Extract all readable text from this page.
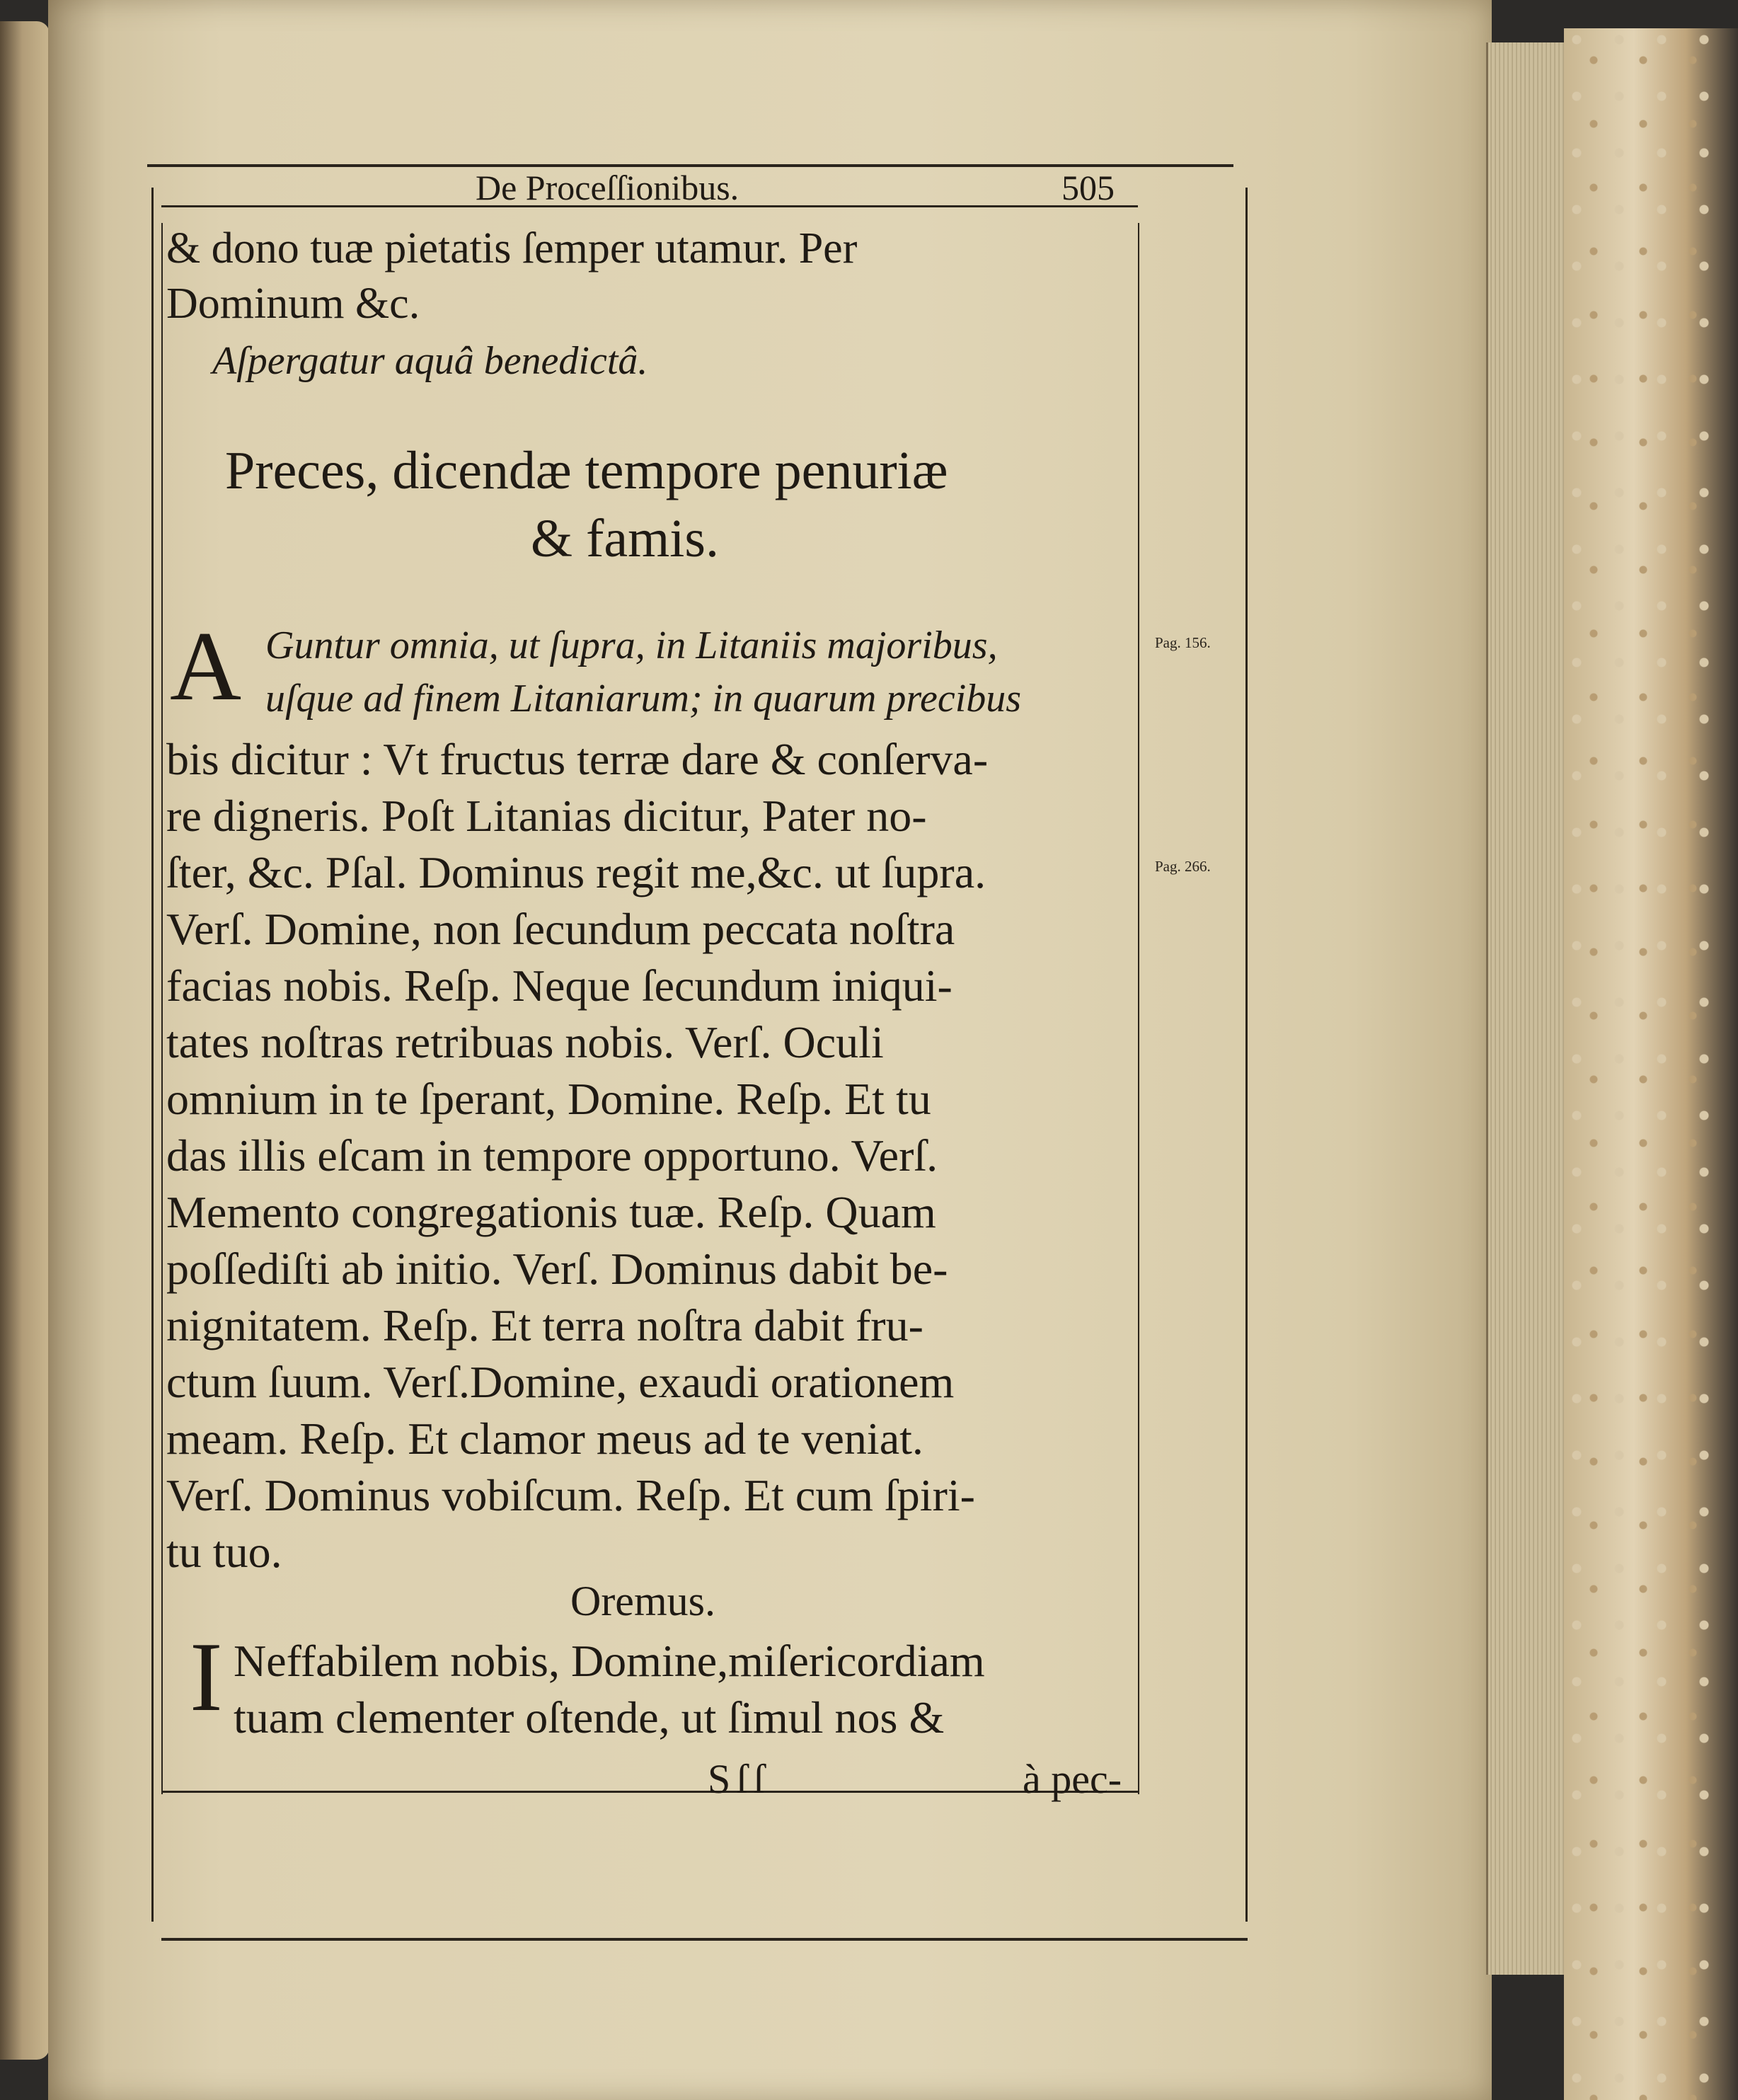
De Proceſſionibus.	505
& dono tuæ pietatis ſemper utamur. Per
Dominum &c.
Aſpergatur aquâ benedictâ.
Preces, dicendæ tempore penuriæ
& famis.
A Guntur omnia, ut ſupra, in Litaniis majoribus,
uſque ad finem Litaniarum; in quarum precibus
bis dicitur : Vt fructus terræ dare & conſerva-
re digneris. Poſt Litanias dicitur, Pater no-
ſter, &c. Pſal. Dominus regit me,&c. ut ſupra.
Verſ. Domine, non ſecundum peccata noſtra
facias nobis. Reſp. Neque ſecundum iniqui-
tates noſtras retribuas nobis. Verſ. Oculi
omnium in te ſperant, Domine. Reſp. Et tu
das illis eſcam in tempore opportuno. Verſ.
Memento congregationis tuæ. Reſp. Quam
poſſediſti ab initio. Verſ. Dominus dabit be-
nignitatem. Reſp. Et terra noſtra dabit fru-
ctum ſuum. Verſ.Domine, exaudi orationem
meam. Reſp. Et clamor meus ad te veniat.
Verſ. Dominus vobiſcum. Reſp. Et cum ſpiri-
tu tuo.
Oremus.
I Neffabilem nobis, Domine,miſericordiam
tuam clementer oſtende, ut ſimul nos &
Sſſ	à pec-
Pag. 156.
Pag. 266.
